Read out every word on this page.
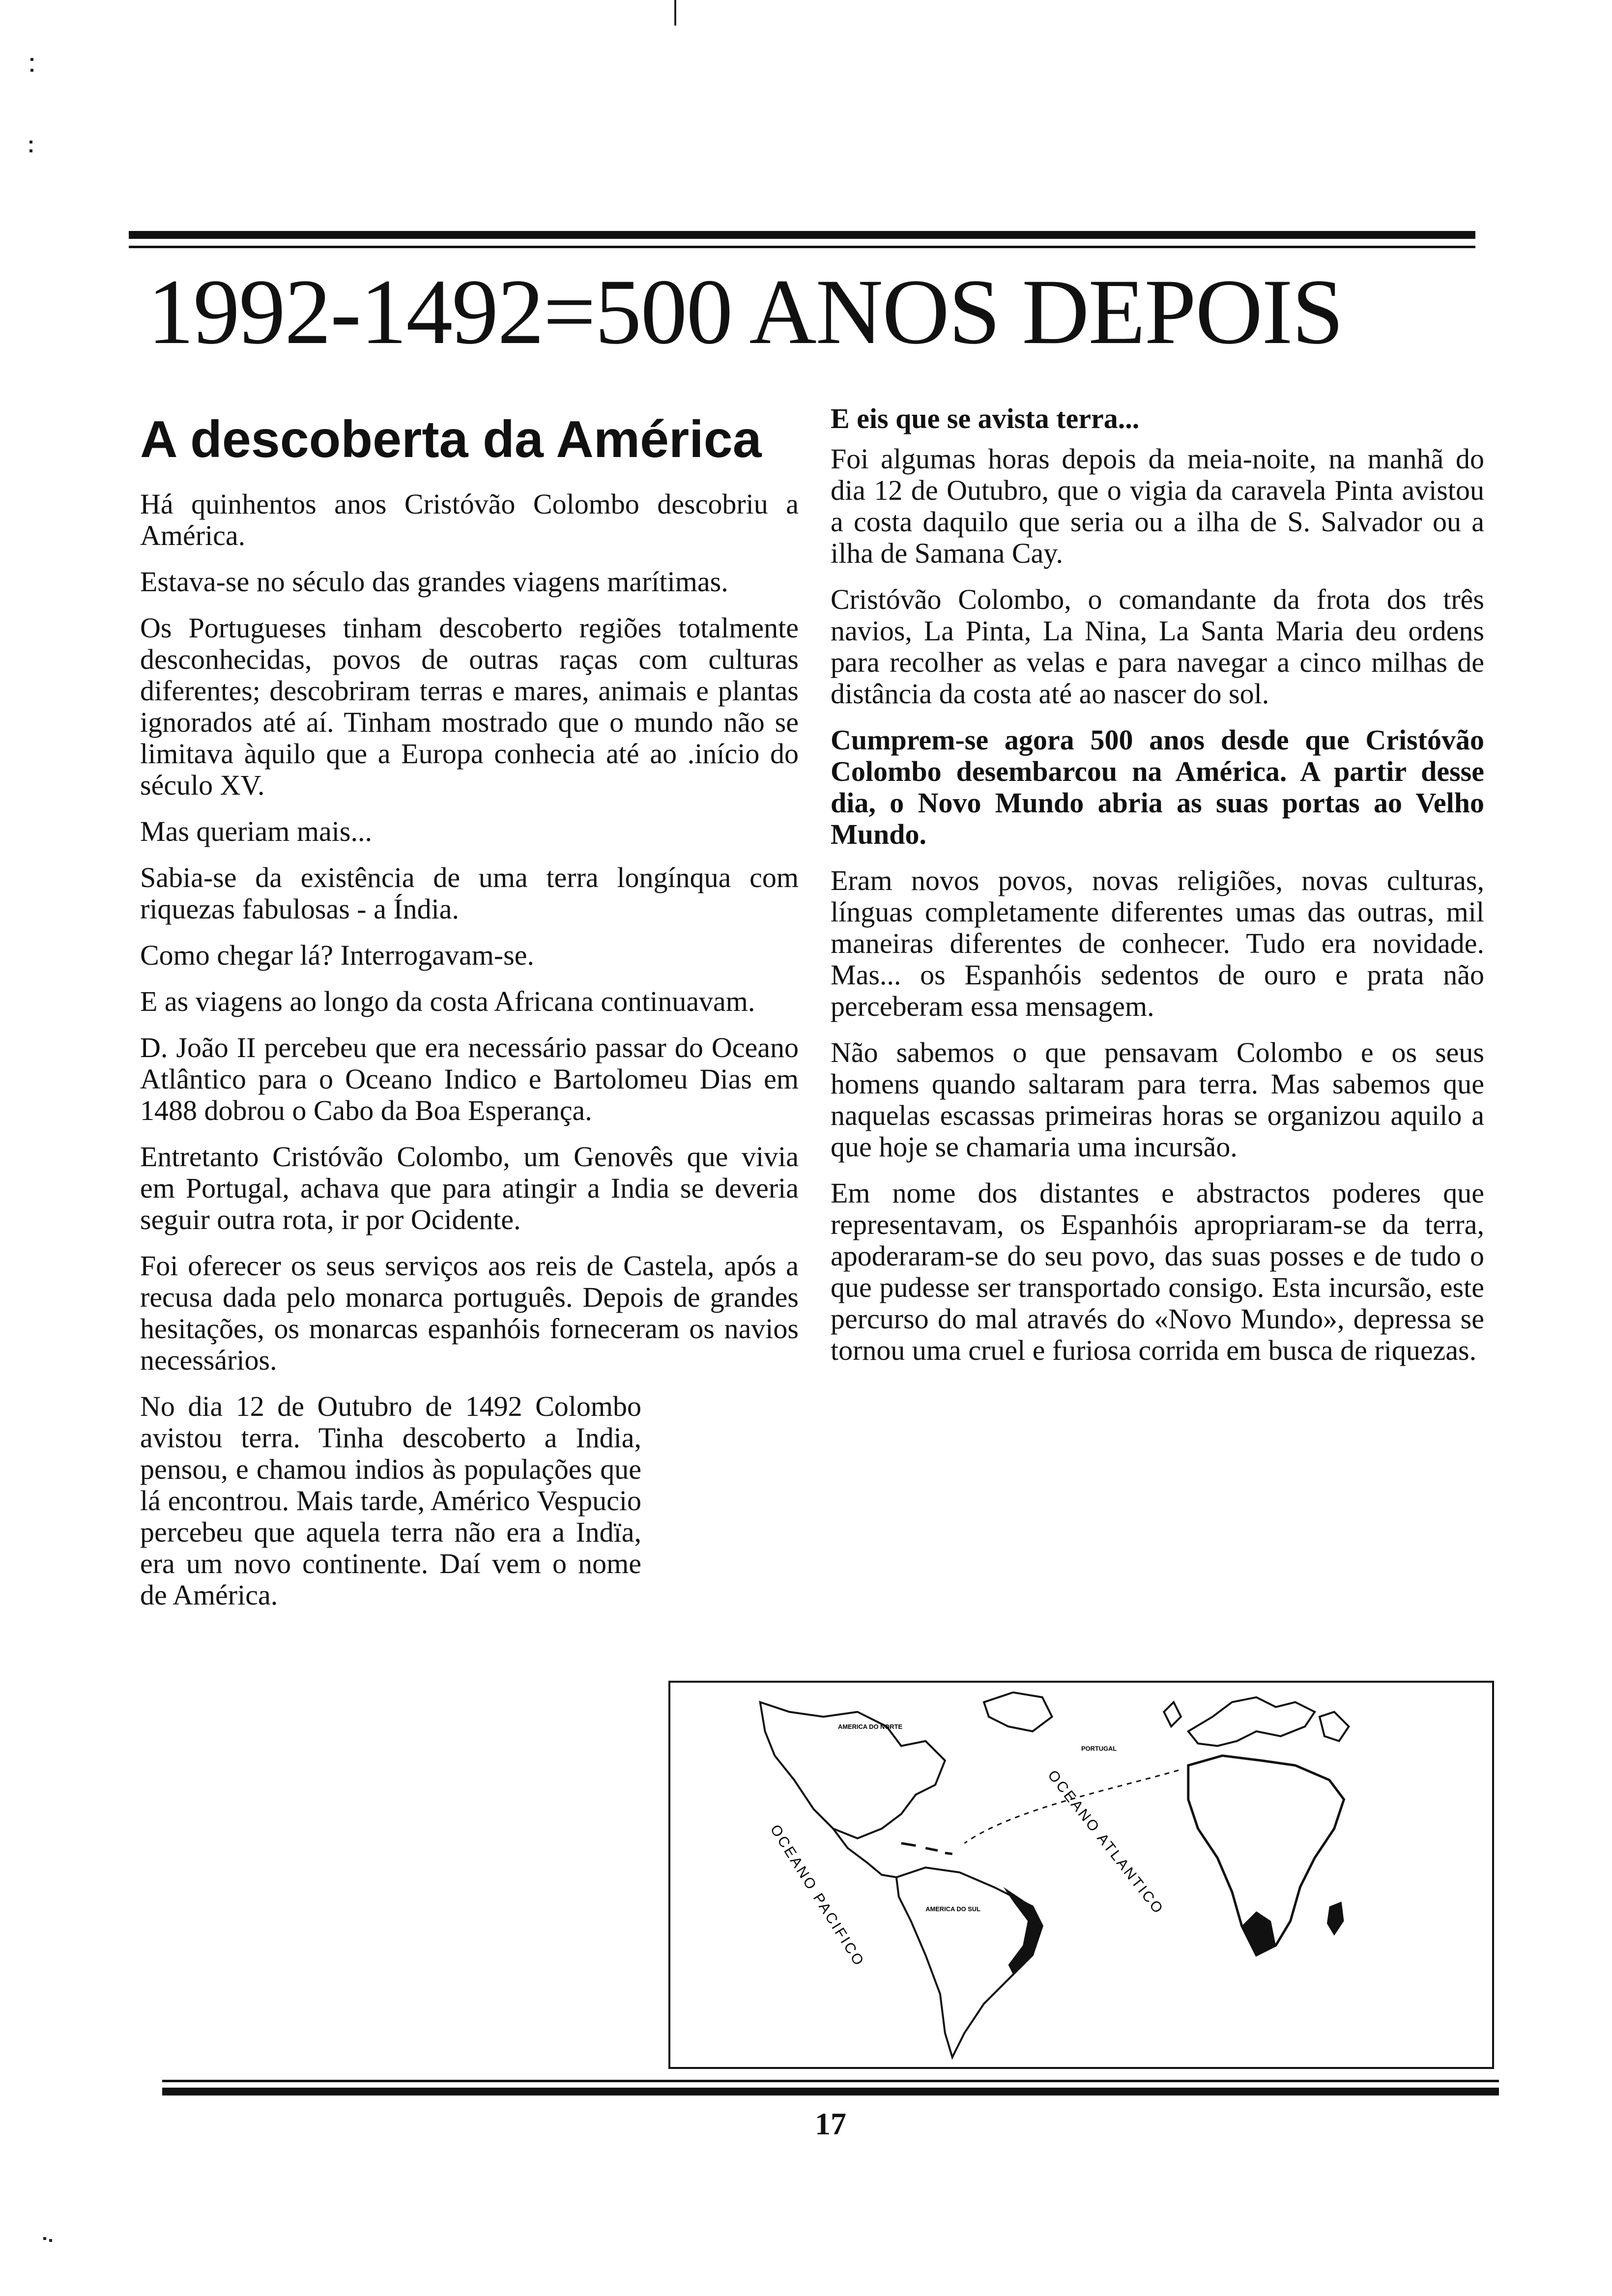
1992-1492=500 ANOS DEPOIS
A descoberta da América

Há quinhentos anos Cristóvão Colombo descobriu a América.

Estava-se no século das grandes viagens marítimas.

Os Portugueses tinham descoberto regiões totalmente desconhecidas, povos de outras raças com culturas diferentes; descobriram terras e mares, animais e plantas ignorados até aí. Tinham mostrado que o mundo não se limitava àquilo que a Europa conhecia até ao .início do século XV.

Mas queriam mais...

Sabia-se da existência de uma terra longínqua com riquezas fabulosas - a Índia.

Como chegar lá? Interrogavam-se.

E as viagens ao longo da costa Africana continuavam.

D. João II percebeu que era necessário passar do Oceano Atlântico para o Oceano Indico e Bartolomeu Dias em 1488 dobrou o Cabo da Boa Esperança.

Entretanto Cristóvão Colombo, um Genovês que vivia em Portugal, achava que para atingir a India se deveria seguir outra rota, ir por Ocidente.

Foi oferecer os seus serviços aos reis de Castela, após a recusa dada pelo monarca português. Depois de grandes hesitações, os monarcas espanhóis forneceram os navios necessários.

No dia 12 de Outubro de 1492 Colombo avistou terra. Tinha descoberto a India, pensou, e chamou indios às populações que lá encontrou. Mais tarde, Américo Vespucio percebeu que aquela terra não era a Indïa, era um novo continente. Daí vem o nome de América.

E eis que se avista terra...

Foi algumas horas depois da meia-noite, na manhã do dia 12 de Outubro, que o vigia da caravela Pinta avistou a costa daquilo que seria ou a ilha de S. Salvador ou a ilha de Samana Cay.

Cristóvão Colombo, o comandante da frota dos três navios, La Pinta, La Nina, La Santa Maria deu ordens para recolher as velas e para navegar a cinco milhas de distância da costa até ao nascer do sol.

Cumprem-se agora 500 anos desde que Cristóvão Colombo desembarcou na América. A partir desse dia, o Novo Mundo abria as suas portas ao Velho Mundo.

Eram novos povos, novas religiões, novas culturas, línguas completamente diferentes umas das outras, mil maneiras diferentes de conhecer. Tudo era novidade. Mas... os Espanhóis sedentos de ouro e prata não perceberam essa mensagem.

Não sabemos o que pensavam Colombo e os seus homens quando saltaram para terra. Mas sabemos que naquelas escassas primeiras horas se organizou aquilo a que hoje se chamaria uma incursão.

Em nome dos distantes e abstractos poderes que representavam, os Espanhóis apropriaram-se da terra, apoderaram-se do seu povo, das suas posses e de tudo o que pudesse ser transportado consigo. Esta incursão, este percurso do mal através do «Novo Mundo», depressa se tornou uma cruel e furiosa corrida em busca de riquezas.

AMERICA DO NORTE
AMERICA DO SUL
PORTUGAL
OCEANO ATLANTICO
OCEANO PACIFICO

17
